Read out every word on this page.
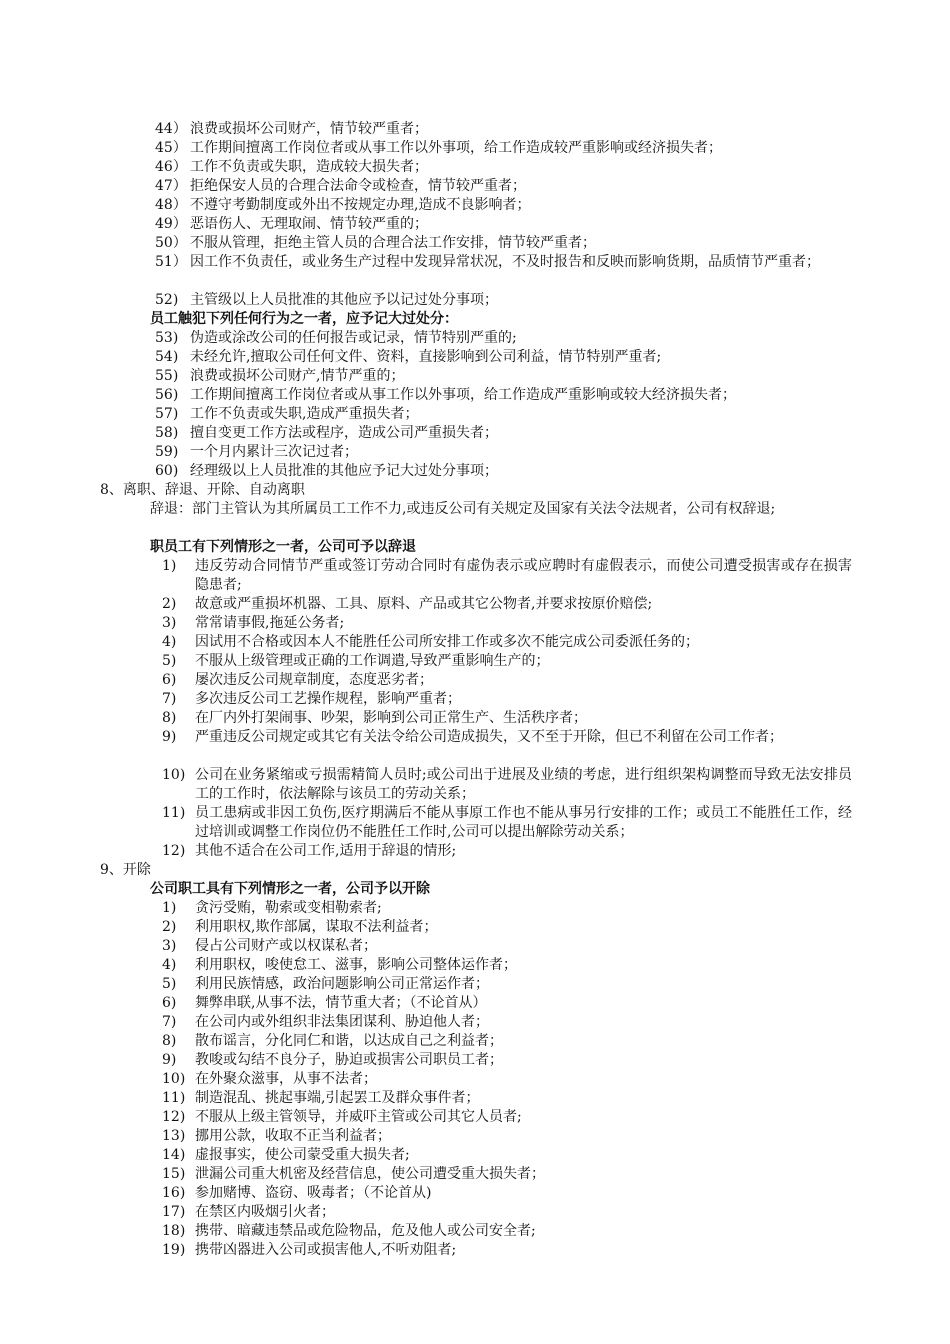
44） 浪费或损坏公司财产，情节较严重者；
45） 工作期间擅离工作岗位者或从事工作以外事项，给工作造成较严重影响或经济损失者；
46） 工作不负责或失职，造成较大损失者；
47） 拒绝保安人员的合理合法命令或检查，情节较严重者；
48） 不遵守考勤制度或外出不按规定办理,造成不良影响者；
49） 恶语伤人、无理取闹、情节较严重的；
50） 不服从管理，拒绝主管人员的合理合法工作安排，情节较严重者；
51） 因工作不负责任，或业务生产过程中发现异常状况，不及时报告和反映而影响货期，品质情节严重者；
52) 主管级以上人员批准的其他应予以记过处分事项；
员工触犯下列任何行为之一者，应予记大过处分：
53) 伪造或涂改公司的任何报告或记录，情节特别严重的;
54) 未经允许,擅取公司任何文件、资料，直接影响到公司利益，情节特别严重者;
55) 浪费或损坏公司财产,情节严重的；
56) 工作期间擅离工作岗位者或从事工作以外事项，给工作造成严重影响或较大经济损失者；
57) 工作不负责或失职,造成严重损失者；
58) 擅自变更工作方法或程序，造成公司严重损失者；
59) 一个月内累计三次记过者；
60) 经理级以上人员批准的其他应予记大过处分事项；
8、离职、辞退、开除、自动离职
辞退：部门主管认为其所属员工工作不力,或违反公司有关规定及国家有关法令法规者，公司有权辞退;
职员工有下列情形之一者，公司可予以辞退
1) 违反劳动合同情节严重或签订劳动合同时有虚伪表示或应聘时有虚假表示，而使公司遭受损害或存在损害隐患者;
2) 故意或严重损坏机器、工具、原料、产品或其它公物者,并要求按原价赔偿;
3) 常常请事假,拖延公务者;
4) 因试用不合格或因本人不能胜任公司所安排工作或多次不能完成公司委派任务的；
5) 不服从上级管理或正确的工作调遣,导致严重影响生产的；
6) 屡次违反公司规章制度，态度恶劣者；
7) 多次违反公司工艺操作规程，影响严重者；
8) 在厂内外打架闹事、吵架，影响到公司正常生产、生活秩序者；
9) 严重违反公司规定或其它有关法令给公司造成损失，又不至于开除，但已不利留在公司工作者；
10) 公司在业务紧缩或亏损需精简人员时;或公司出于进展及业绩的考虑，进行组织架构调整而导致无法安排员工的工作时，依法解除与该员工的劳动关系；
11) 员工患病或非因工负伤,医疗期满后不能从事原工作也不能从事另行安排的工作；或员工不能胜任工作，经过培训或调整工作岗位仍不能胜任工作时,公司可以提出解除劳动关系；
12) 其他不适合在公司工作,适用于辞退的情形;
9、开除
公司职工具有下列情形之一者，公司予以开除
1) 贪污受贿，勒索或变相勒索者;
2) 利用职权,欺作部属，谋取不法利益者；
3) 侵占公司财产或以权谋私者；
4) 利用职权，唆使怠工、滋事，影响公司整体运作者；
5) 利用民族情感，政治问题影响公司正常运作者；
6) 舞弊串联,从事不法，情节重大者；（不论首从）
7) 在公司内或外组织非法集团谋利、胁迫他人者；
8) 散布谣言，分化同仁和谐，以达成自己之利益者；
9) 教唆或勾结不良分子，胁迫或损害公司职员工者；
10) 在外聚众滋事，从事不法者；
11) 制造混乱、挑起事端,引起罢工及群众事件者；
12) 不服从上级主管领导，并威吓主管或公司其它人员者;
13) 挪用公款，收取不正当利益者；
14) 虚报事实，使公司蒙受重大损失者;
15) 泄漏公司重大机密及经营信息，使公司遭受重大损失者；
16) 参加赌博、盗窃、吸毒者；（不论首从)
17) 在禁区内吸烟引火者；
18) 携带、暗藏违禁品或危险物品，危及他人或公司安全者;
19) 携带凶器进入公司或损害他人,不听劝阻者;
